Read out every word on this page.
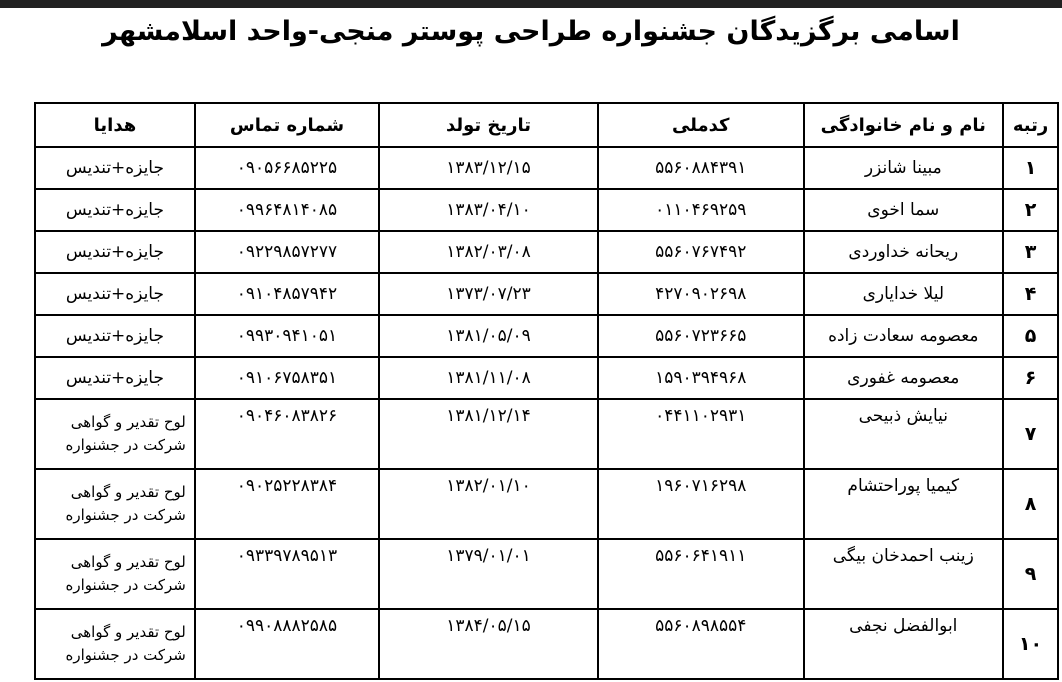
اسامی برگزیدگان جشنواره طراحی پوستر منجی-واحد اسلامشهر
رتبه	نام و نام خانوادگی	کدملی	تاریخ تولد	شماره تماس	هدایا
۱	مبینا شانزر	۵۵۶۰۸۸۴۳۹۱	۱۳۸۳/۱۲/۱۵	۰۹۰۵۶۶۸۵۲۲۵	جایزه+تندیس
۲	سما اخوی	۰۱۱۰۴۶۹۲۵۹	۱۳۸۳/۰۴/۱۰	۰۹۹۶۴۸۱۴۰۸۵	جایزه+تندیس
۳	ریحانه خداوردی	۵۵۶۰۷۶۷۴۹۲	۱۳۸۲/۰۳/۰۸	۰۹۲۲۹۸۵۷۲۷۷	جایزه+تندیس
۴	لیلا خدایاری	۴۲۷۰۹۰۲۶۹۸	۱۳۷۳/۰۷/۲۳	۰۹۱۰۴۸۵۷۹۴۲	جایزه+تندیس
۵	معصومه سعادت زاده	۵۵۶۰۷۲۳۶۶۵	۱۳۸۱/۰۵/۰۹	۰۹۹۳۰۹۴۱۰۵۱	جایزه+تندیس
۶	معصومه غفوری	۱۵۹۰۳۹۴۹۶۸	۱۳۸۱/۱۱/۰۸	۰۹۱۰۶۷۵۸۳۵۱	جایزه+تندیس
۷	نیایش ذبیحی	۰۴۴۱۱۰۲۹۳۱	۱۳۸۱/۱۲/۱۴	۰۹۰۴۶۰۸۳۸۲۶	لوح تقدیر و گواهی شرکت در جشنواره
۸	کیمیا پوراحتشام	۱۹۶۰۷۱۶۲۹۸	۱۳۸۲/۰۱/۱۰	۰۹۰۲۵۲۲۸۳۸۴	لوح تقدیر و گواهی شرکت در جشنواره
۹	زینب احمدخان بیگی	۵۵۶۰۶۴۱۹۱۱	۱۳۷۹/۰۱/۰۱	۰۹۳۳۹۷۸۹۵۱۳	لوح تقدیر و گواهی شرکت در جشنواره
۱۰	ابوالفضل نجفی	۵۵۶۰۸۹۸۵۵۴	۱۳۸۴/۰۵/۱۵	۰۹۹۰۸۸۸۲۵۸۵	لوح تقدیر و گواهی شرکت در جشنواره
